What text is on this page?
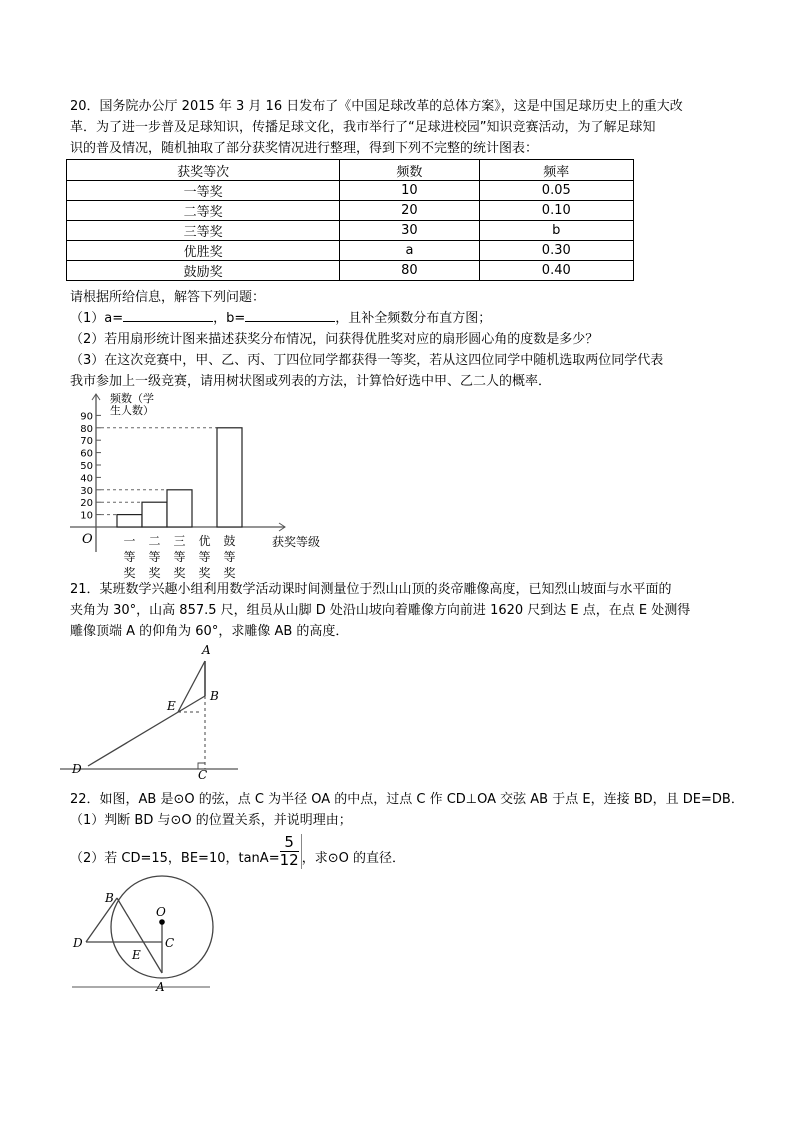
20．国务院办公厅 2015 年 3 月 16 日发布了《中国足球改革的总体方案》，这是中国足球历史上的重大改
革．为了进一步普及足球知识，传播足球文化，我市举行了“足球进校园”知识竞赛活动，为了解足球知
识的普及情况，随机抽取了部分获奖情况进行整理，得到下列不完整的统计图表：
获奖等次	频数	频率
一等奖	10	0.05
二等奖	20	0.10
三等奖	30	b
优胜奖	a	0.30
鼓励奖	80	0.40
请根据所给信息，解答下列问题：
（1）a=	，b=	，且补全频数分布直方图；
（2）若用扇形统计图来描述获奖分布情况，问获得优胜奖对应的扇形圆心角的度数是多少？
（3）在这次竞赛中，甲、乙、丙、丁四位同学都获得一等奖，若从这四位同学中随机选取两位同学代表
我市参加上一级竞赛，请用树状图或列表的方法，计算恰好选中甲、乙二人的概率．
10
20
30
40
50
60
70
80
90
一
等
奖
二
等
奖
三
等
奖
优
等
奖
鼓
等
奖
频数（学
生人数）
获奖等级
O
21．某班数学兴趣小组利用数学活动课时间测量位于烈山山顶的炎帝雕像高度，已知烈山坡面与水平面的
夹角为 30°，山高 857.5 尺，组员从山脚 D 处沿山坡向着雕像方向前进 1620 尺到达 E 点，在点 E 处测得
雕像顶端 A 的仰角为 60°，求雕像 AB 的高度．
A
B
E
D	C
22．如图，AB 是⊙O 的弦，点 C 为半径 OA 的中点，过点 C 作 CD⊥OA 交弦 AB 于点 E，连接 BD，且 DE=DB．
（1）判断 BD 与⊙O 的位置关系，并说明理由；
（2）若 CD=15，BE=10，$\tan A= \frac{5}{12}$ ，求⊙O 的直径．
B
O
D	C
E
A
